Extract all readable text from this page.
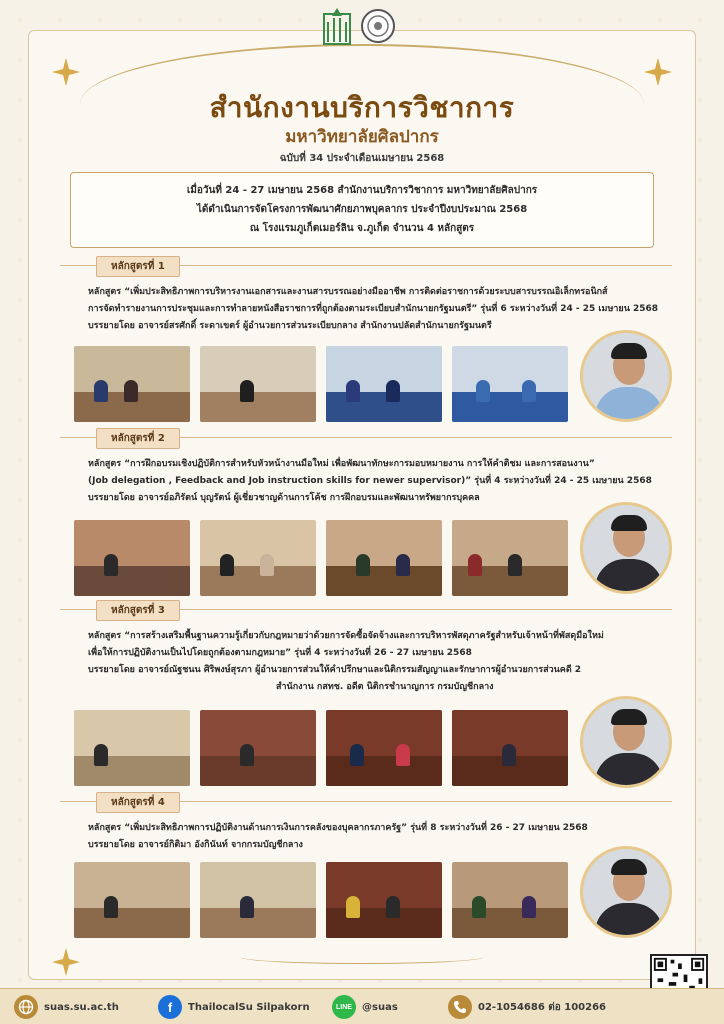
สำนักงานบริการวิชาการ
มหาวิทยาลัยศิลปากร
ฉบับที่ 34 ประจำเดือนเมษายน 2568

เมื่อวันที่ 24 - 27 เมษายน 2568 สำนักงานบริการวิชาการ มหาวิทยาลัยศิลปากร

ได้ดำเนินการจัดโครงการพัฒนาศักยภาพบุคลากร ประจำปีงบประมาณ 2568

ณ โรงแรมภูเก็ตเมอร์ลิน จ.ภูเก็ต จำนวน 4 หลักสูตร

หลักสูตรที่ 1
หลักสูตร “เพิ่มประสิทธิภาพการบริหารงานเอกสารและงานสารบรรณอย่างมืออาชีพ การติดต่อราชการด้วยระบบสารบรรณอิเล็กทรอนิกส์
การจัดทำรายงานการประชุมและการทำลายหนังสือราชการที่ถูกต้องตามระเบียบสำนักนายกรัฐมนตรี” รุ่นที่ 6 ระหว่างวันที่ 24 - 25 เมษายน 2568
บรรยายโดย อาจารย์สรศักดิ์ ระดาเขตร์ ผู้อำนวยการส่วนระเบียบกลาง สำนักงานปลัดสำนักนายกรัฐมนตรี
หลักสูตรที่ 2
หลักสูตร “การฝึกอบรมเชิงปฏิบัติการสำหรับหัวหน้างานมือใหม่ เพื่อพัฒนาทักษะการมอบหมายงาน การให้คำติชม และการสอนงาน”
(Job delegation , Feedback and Job instruction skills for newer supervisor)” รุ่นที่ 4 ระหว่างวันที่ 24 - 25 เมษายน 2568
บรรยายโดย อาจารย์อภิรัตน์ บุญรัตน์ ผู้เชี่ยวชาญด้านการโค้ช การฝึกอบรมและพัฒนาทรัพยากรบุคคล
หลักสูตรที่ 3
หลักสูตร “การสร้างเสริมพื้นฐานความรู้เกี่ยวกับกฎหมายว่าด้วยการจัดซื้อจัดจ้างและการบริหารพัสดุภาครัฐสำหรับเจ้าหน้าที่พัสดุมือใหม่
เพื่อให้การปฏิบัติงานเป็นไปโดยถูกต้องตามกฎหมาย” รุ่นที่ 4 ระหว่างวันที่ 26 - 27 เมษายน 2568
บรรยายโดย อาจารย์ณัฐชนน ศิริพงษ์สุรภา ผู้อำนวยการส่วนให้คำปรึกษาและนิติกรรมสัญญาและรักษาการผู้อำนวยการส่วนคดี 2
สำนักงาน กสทช. อดีต นิติกรชำนาญการ กรมบัญชีกลาง
หลักสูตรที่ 4
หลักสูตร “เพิ่มประสิทธิภาพการปฏิบัติงานด้านการเงินการคลังของบุคลากรภาครัฐ” รุ่นที่ 8 ระหว่างวันที่ 26 - 27 เมษายน 2568
บรรยายโดย อาจารย์กิติมา อังกินันท์ จากกรมบัญชีกลาง
suas.su.ac.th	f	ThailocalSu Silpakorn	LINE	@suas	02-1054686 ต่อ 100266
